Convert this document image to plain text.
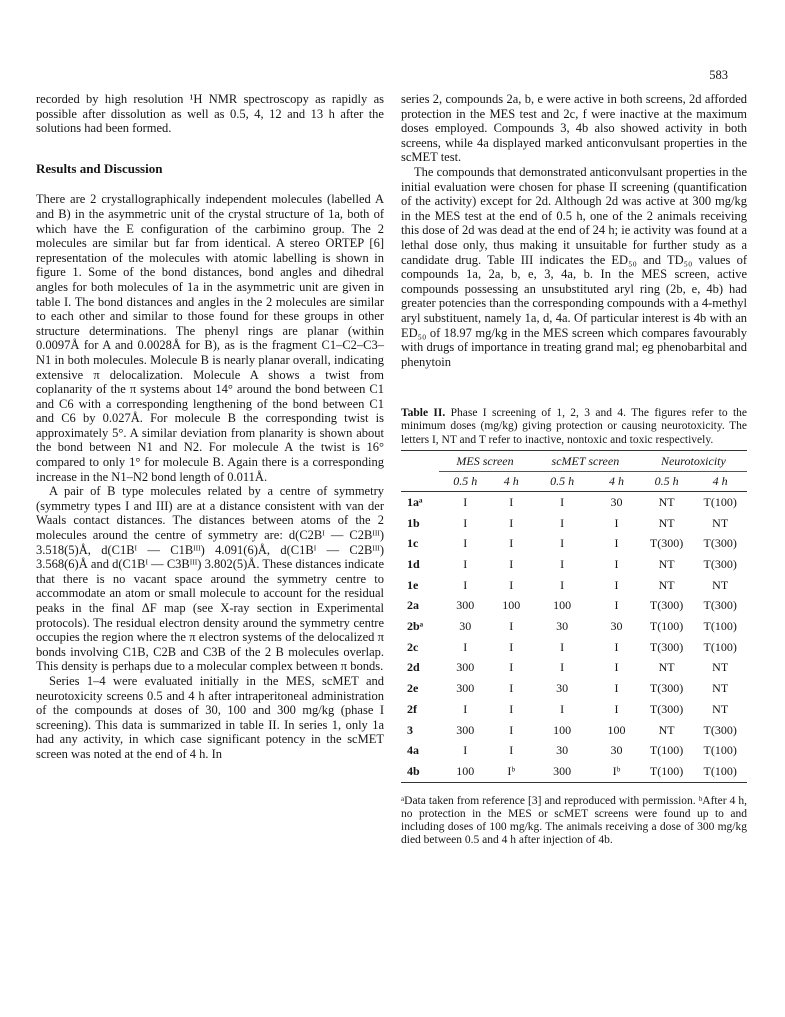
583

recorded by high resolution ¹H NMR spectroscopy as rapidly as possible after dissolution as well as 0.5, 4, 12 and 13 h after the solutions had been formed.

Results and Discussion

There are 2 crystallographically independent molecules (labelled A and B) in the asymmetric unit of the crystal structure of 1a, both of which have the E configuration of the carbimino group. The 2 molecules are similar but far from identical. A stereo ORTEP [6] representation of the molecules with atomic labelling is shown in figure 1. Some of the bond distances, bond angles and dihedral angles for both molecules of 1a in the asymmetric unit are given in table I. The bond distances and angles in the 2 molecules are similar to each other and similar to those found for these groups in other structure determinations. The phenyl rings are planar (within 0.0097Å for A and 0.0028Å for B), as is the fragment C1–C2–C3–N1 in both molecules. Molecule B is nearly planar overall, indicating extensive π delocalization. Molecule A shows a twist from coplanarity of the π systems about 14° around the bond between C1 and C6 with a corresponding lengthening of the bond between C1 and C6 by 0.027Å. For molecule B the corresponding twist is approximately 5°. A similar deviation from planarity is shown about the bond between N1 and N2. For molecule A the twist is 16° compared to only 1° for molecule B. Again there is a corresponding increase in the N1–N2 bond length of 0.011Å.

A pair of B type molecules related by a centre of symmetry (symmetry types I and III) are at a distance consistent with van der Waals contact distances. The distances between atoms of the 2 molecules around the centre of symmetry are: d(C2Bᴵ — C2Bᴵᴵᴵ) 3.518(5)Å, d(C1Bᴵ — C1Bᴵᴵᴵ) 4.091(6)Å, d(C1Bᴵ — C2Bᴵᴵᴵ) 3.568(6)Å and d(C1Bᴵ — C3Bᴵᴵᴵ) 3.802(5)Å. These distances indicate that there is no vacant space around the symmetry centre to accommodate an atom or small molecule to account for the residual peaks in the final ΔF map (see X-ray section in Experimental protocols). The residual electron density around the symmetry centre occupies the region where the π electron systems of the delocalized π bonds involving C1B, C2B and C3B of the 2 B molecules overlap. This density is perhaps due to a molecular complex between π bonds.

Series 1–4 were evaluated initially in the MES, scMET and neurotoxicity screens 0.5 and 4 h after intraperitoneal administration of the compounds at doses of 30, 100 and 300 mg/kg (phase I screening). This data is summarized in table II. In series 1, only 1a had any activity, in which case significant potency in the scMET screen was noted at the end of 4 h. In

series 2, compounds 2a, b, e were active in both screens, 2d afforded protection in the MES test and 2c, f were inactive at the maximum doses employed. Compounds 3, 4b also showed activity in both screens, while 4a displayed marked anticonvulsant properties in the scMET test.

The compounds that demonstrated anticonvulsant properties in the initial evaluation were chosen for phase II screening (quantification of the activity) except for 2d. Although 2d was active at 300 mg/kg in the MES test at the end of 0.5 h, one of the 2 animals receiving this dose of 2d was dead at the end of 24 h; ie activity was found at a lethal dose only, thus making it unsuitable for further study as a candidate drug. Table III indicates the ED₅₀ and TD₅₀ values of compounds 1a, 2a, b, e, 3, 4a, b. In the MES screen, active compounds possessing an unsubstituted aryl ring (2b, e, 4b) had greater potencies than the corresponding compounds with a 4-methyl aryl substituent, namely 1a, d, 4a. Of particular interest is 4b with an ED₅₀ of 18.97 mg/kg in the MES screen which compares favourably with drugs of importance in treating grand mal; eg phenobarbital and phenytoin

Table II. Phase I screening of 1, 2, 3 and 4. The figures refer to the minimum doses (mg/kg) giving protection or causing neurotoxicity. The letters I, NT and T refer to inactive, nontoxic and toxic respectively.

	MES screen		scMET screen		Neurotoxicity	
	0.5 h	4 h	0.5 h	4 h	0.5 h	4 h
1aᵃ	I	I	I	30	NT	T(100)
1b	I	I	I	I	NT	NT
1c	I	I	I	I	T(300)	T(300)
1d	I	I	I	I	NT	T(300)
1e	I	I	I	I	NT	NT
2a	300	100	100	I	T(300)	T(300)
2bᵃ	30	I	30	30	T(100)	T(100)
2c	I	I	I	I	T(300)	T(100)
2d	300	I	I	I	NT	NT
2e	300	I	30	I	T(300)	NT
2f	I	I	I	I	T(300)	NT
3	300	I	100	100	NT	T(300)
4a	I	I	30	30	T(100)	T(100)
4b	100	Iᵇ	300	Iᵇ	T(100)	T(100)

ᵃData taken from reference [3] and reproduced with permission. ᵇAfter 4 h, no protection in the MES or scMET screens were found up to and including doses of 100 mg/kg. The animals receiving a dose of 300 mg/kg died between 0.5 and 4 h after injection of 4b.
